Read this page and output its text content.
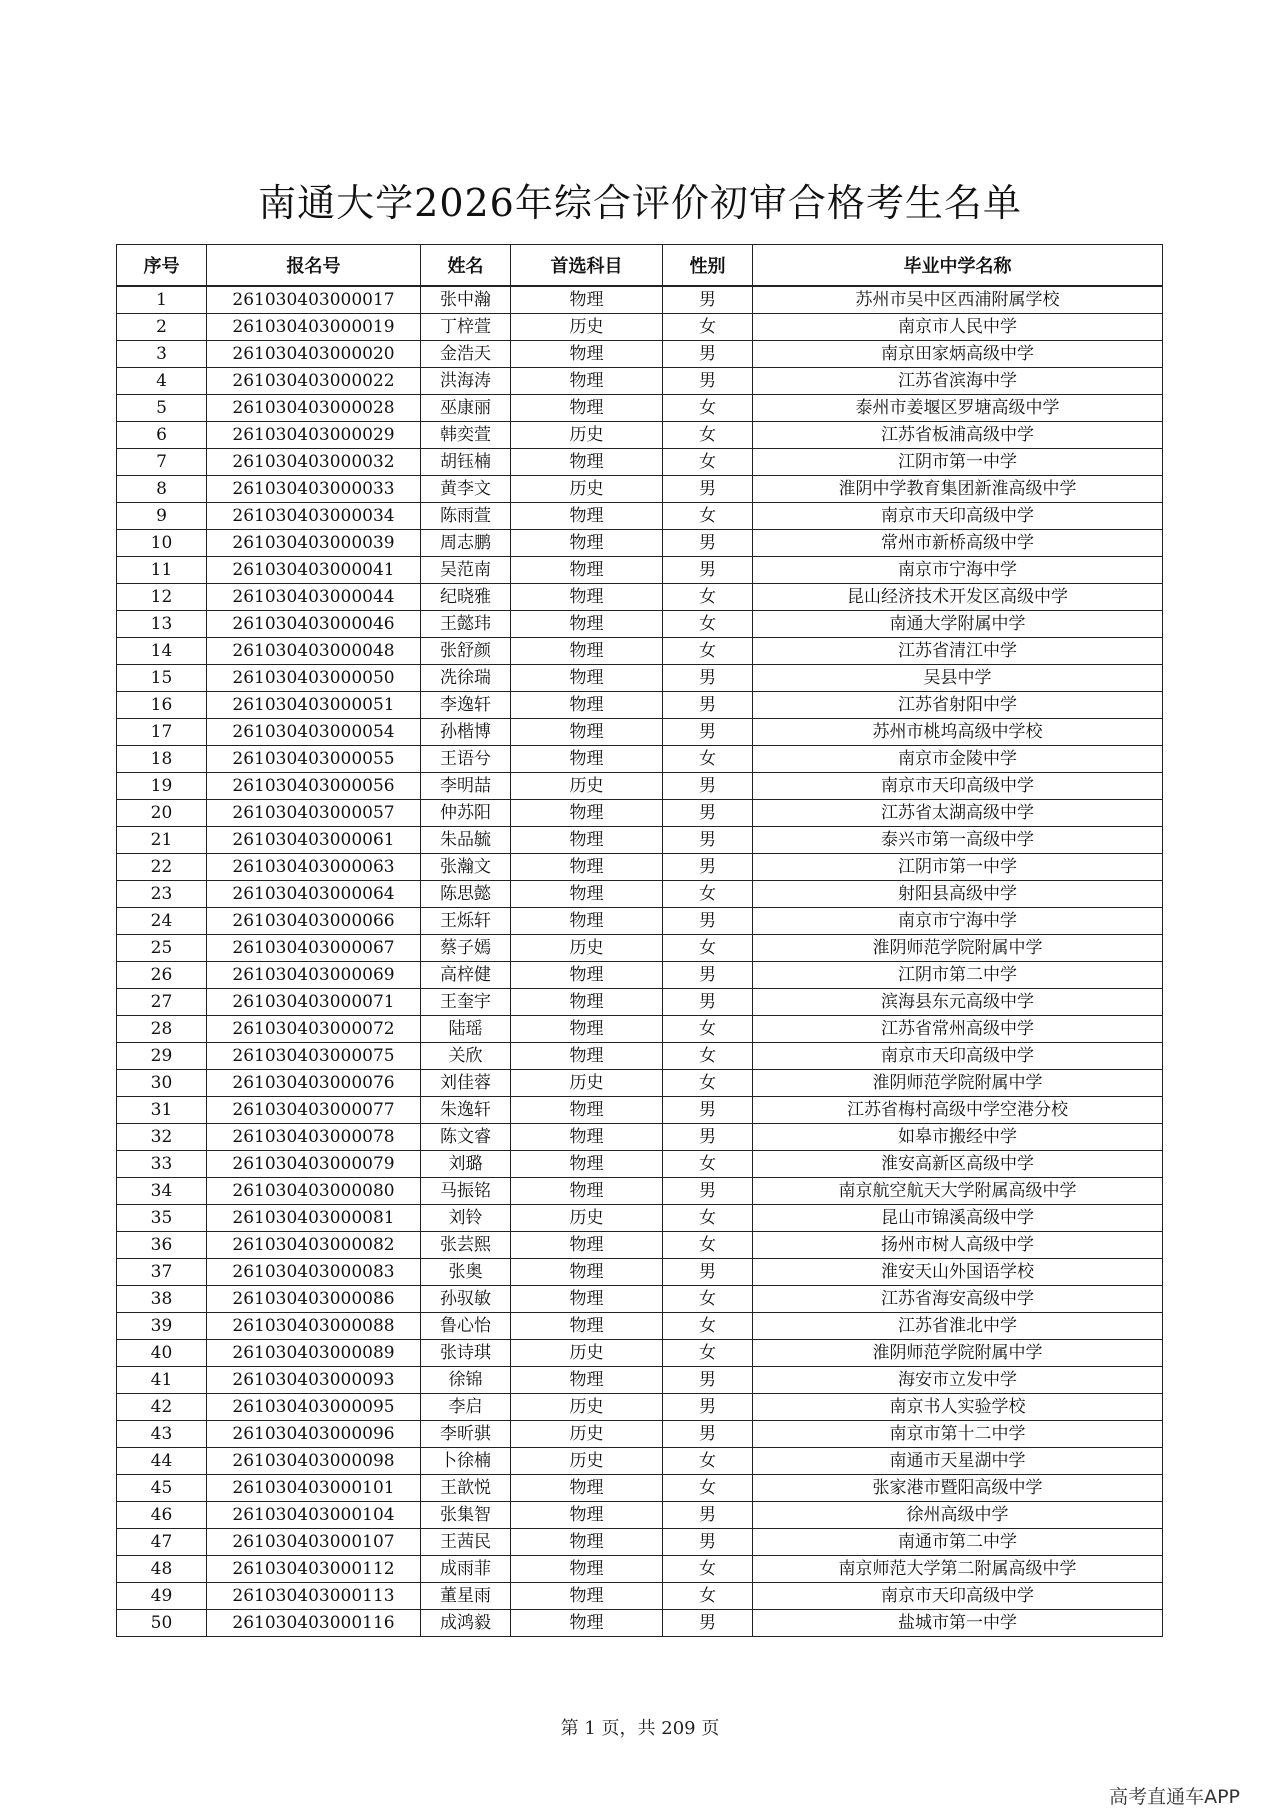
南通大学2026年综合评价初审合格考生名单
序号	报名号	姓名	首选科目	性别	毕业中学名称
1	261030403000017	张中瀚	物理	男	苏州市吴中区西浦附属学校
2	261030403000019	丁梓萱	历史	女	南京市人民中学
3	261030403000020	金浩天	物理	男	南京田家炳高级中学
4	261030403000022	洪海涛	物理	男	江苏省滨海中学
5	261030403000028	巫康丽	物理	女	泰州市姜堰区罗塘高级中学
6	261030403000029	韩奕萱	历史	女	江苏省板浦高级中学
7	261030403000032	胡钰楠	物理	女	江阴市第一中学
8	261030403000033	黄李文	历史	男	淮阴中学教育集团新淮高级中学
9	261030403000034	陈雨萱	物理	女	南京市天印高级中学
10	261030403000039	周志鹏	物理	男	常州市新桥高级中学
11	261030403000041	吴范南	物理	男	南京市宁海中学
12	261030403000044	纪晓雅	物理	女	昆山经济技术开发区高级中学
13	261030403000046	王懿玮	物理	女	南通大学附属中学
14	261030403000048	张舒颜	物理	女	江苏省清江中学
15	261030403000050	冼徐瑞	物理	男	吴县中学
16	261030403000051	李逸轩	物理	男	江苏省射阳中学
17	261030403000054	孙楷博	物理	男	苏州市桃坞高级中学校
18	261030403000055	王语兮	物理	女	南京市金陵中学
19	261030403000056	李明喆	历史	男	南京市天印高级中学
20	261030403000057	仲苏阳	物理	男	江苏省太湖高级中学
21	261030403000061	朱品毓	物理	男	泰兴市第一高级中学
22	261030403000063	张瀚文	物理	男	江阴市第一中学
23	261030403000064	陈思懿	物理	女	射阳县高级中学
24	261030403000066	王烁轩	物理	男	南京市宁海中学
25	261030403000067	蔡子嫣	历史	女	淮阴师范学院附属中学
26	261030403000069	高梓健	物理	男	江阴市第二中学
27	261030403000071	王奎宇	物理	男	滨海县东元高级中学
28	261030403000072	陆瑶	物理	女	江苏省常州高级中学
29	261030403000075	关欣	物理	女	南京市天印高级中学
30	261030403000076	刘佳蓉	历史	女	淮阴师范学院附属中学
31	261030403000077	朱逸轩	物理	男	江苏省梅村高级中学空港分校
32	261030403000078	陈文睿	物理	男	如皋市搬经中学
33	261030403000079	刘璐	物理	女	淮安高新区高级中学
34	261030403000080	马振铭	物理	男	南京航空航天大学附属高级中学
35	261030403000081	刘铃	历史	女	昆山市锦溪高级中学
36	261030403000082	张芸熙	物理	女	扬州市树人高级中学
37	261030403000083	张奥	物理	男	淮安天山外国语学校
38	261030403000086	孙驭敏	物理	女	江苏省海安高级中学
39	261030403000088	鲁心怡	物理	女	江苏省淮北中学
40	261030403000089	张诗琪	历史	女	淮阴师范学院附属中学
41	261030403000093	徐锦	物理	男	海安市立发中学
42	261030403000095	李启	历史	男	南京书人实验学校
43	261030403000096	李昕骐	历史	男	南京市第十二中学
44	261030403000098	卜徐楠	历史	女	南通市天星湖中学
45	261030403000101	王歆悦	物理	女	张家港市暨阳高级中学
46	261030403000104	张集智	物理	男	徐州高级中学
47	261030403000107	王茜民	物理	男	南通市第二中学
48	261030403000112	成雨菲	物理	女	南京师范大学第二附属高级中学
49	261030403000113	董星雨	物理	女	南京市天印高级中学
50	261030403000116	成鸿毅	物理	男	盐城市第一中学
第 1 页，共 209 页
高考直通车APP
